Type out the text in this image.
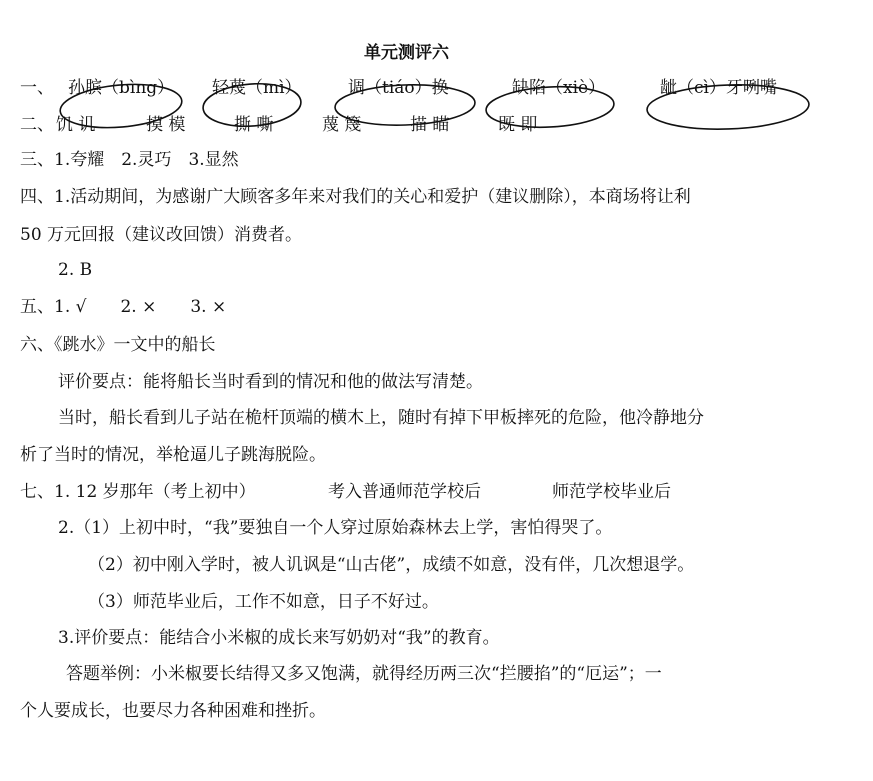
单元测评六
一、 孙膑（bìng） 轻蔑（mì）	调（tiáo）换	缺陷（xiè）	龇（cì）牙咧嘴
二、 饥 讥	摸 模	撕 嘶	蔑 篾	描 瞄	既 即
三、1.夸耀　2.灵巧　3.显然
四、1.活动期间，为感谢广大顾客多年来对我们的关心和爱护（建议删除），本商场将让利
50 万元回报（建议改回馈）消费者。
2. B
五、1. √　　2. ×　　3. ×
六、《跳水》一文中的船长
评价要点：能将船长当时看到的情况和他的做法写清楚。
当时，船长看到儿子站在桅杆顶端的横木上，随时有掉下甲板摔死的危险，他冷静地分
析了当时的情况，举枪逼儿子跳海脱险。
七、1. 12 岁那年（考上初中）	考入普通师范学校后	师范学校毕业后
2.（1）上初中时，“我”要独自一个人穿过原始森林去上学，害怕得哭了。
（2）初中刚入学时，被人讥讽是“山古佬”，成绩不如意，没有伴，几次想退学。
（3）师范毕业后，工作不如意，日子不好过。
3.评价要点：能结合小米椒的成长来写奶奶对“我”的教育。
答题举例：小米椒要长结得又多又饱满，就得经历两三次“拦腰掐”的“厄运”；一
个人要成长，也要尽力各种困难和挫折。
